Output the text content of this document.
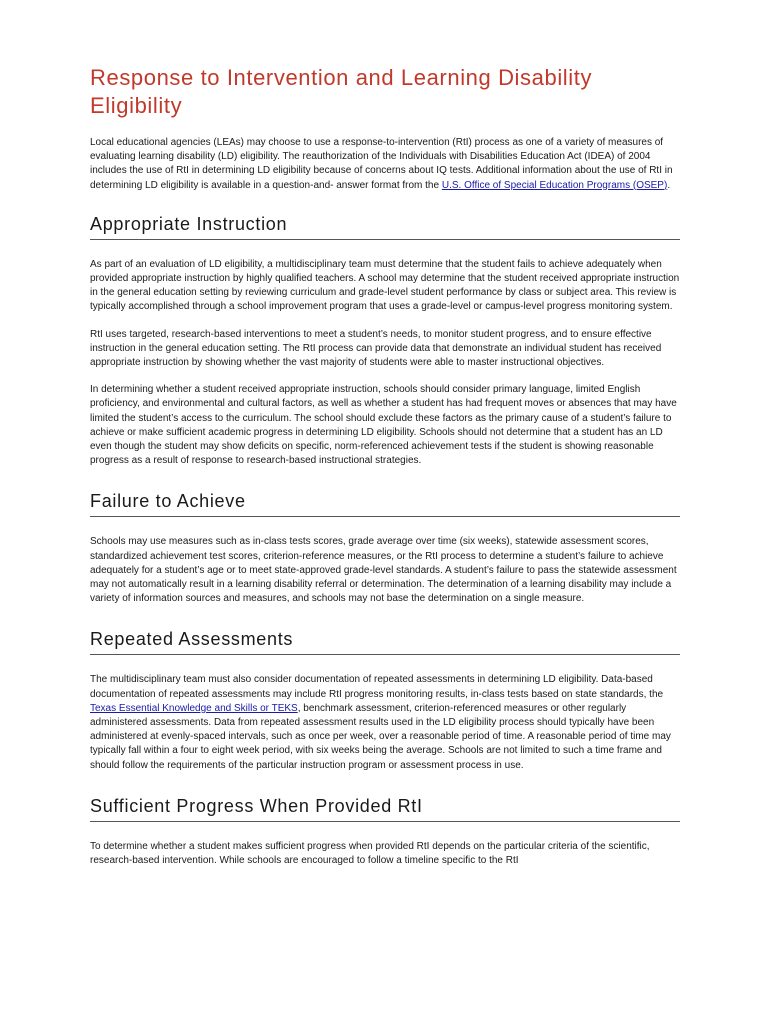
Response to Intervention and Learning Disability Eligibility

Local educational agencies (LEAs) may choose to use a response-to-intervention (RtI) process as one of a variety of measures of evaluating learning disability (LD) eligibility. The reauthorization of the Individuals with Disabilities Education Act (IDEA) of 2004 includes the use of RtI in determining LD eligibility because of concerns about IQ tests. Additional information about the use of RtI in determining LD eligibility is available in a question-and- answer format from the U.S. Office of Special Education Programs (OSEP).

Appropriate Instruction

As part of an evaluation of LD eligibility, a multidisciplinary team must determine that the student fails to achieve adequately when provided appropriate instruction by highly qualified teachers. A school may determine that the student received appropriate instruction in the general education setting by reviewing curriculum and grade-level student performance by class or subject area. This review is typically accomplished through a school improvement program that uses a grade-level or campus-level progress monitoring system.

RtI uses targeted, research-based interventions to meet a student’s needs, to monitor student progress, and to ensure effective instruction in the general education setting. The RtI process can provide data that demonstrate an individual student has received appropriate instruction by showing whether the vast majority of students were able to master instructional objectives.

In determining whether a student received appropriate instruction, schools should consider primary language, limited English proficiency, and environmental and cultural factors, as well as whether a student has had frequent moves or absences that may have limited the student’s access to the curriculum. The school should exclude these factors as the primary cause of a student’s failure to achieve or make sufficient academic progress in determining LD eligibility. Schools should not determine that a student has an LD even though the student may show deficits on specific, norm-referenced achievement tests if the student is showing reasonable progress as a result of response to research-based instructional strategies.

Failure to Achieve

Schools may use measures such as in-class tests scores, grade average over time (six weeks), statewide assessment scores, standardized achievement test scores, criterion-reference measures, or the RtI process to determine a student’s failure to achieve adequately for a student’s age or to meet state-approved grade-level standards. A student’s failure to pass the statewide assessment may not automatically result in a learning disability referral or determination. The determination of a learning disability may include a variety of information sources and measures, and schools may not base the determination on a single measure.

Repeated Assessments

The multidisciplinary team must also consider documentation of repeated assessments in determining LD eligibility. Data-based documentation of repeated assessments may include RtI progress monitoring results, in-class tests based on state standards, the Texas Essential Knowledge and Skills or TEKS, benchmark assessment, criterion-referenced measures or other regularly administered assessments. Data from repeated assessment results used in the LD eligibility process should typically have been administered at evenly-spaced intervals, such as once per week, over a reasonable period of time. A reasonable period of time may typically fall within a four to eight week period, with six weeks being the average. Schools are not limited to such a time frame and should follow the requirements of the particular instruction program or assessment process in use.

Sufficient Progress When Provided RtI

To determine whether a student makes sufficient progress when provided RtI depends on the particular criteria of the scientific, research-based intervention. While schools are encouraged to follow a timeline specific to the RtI
